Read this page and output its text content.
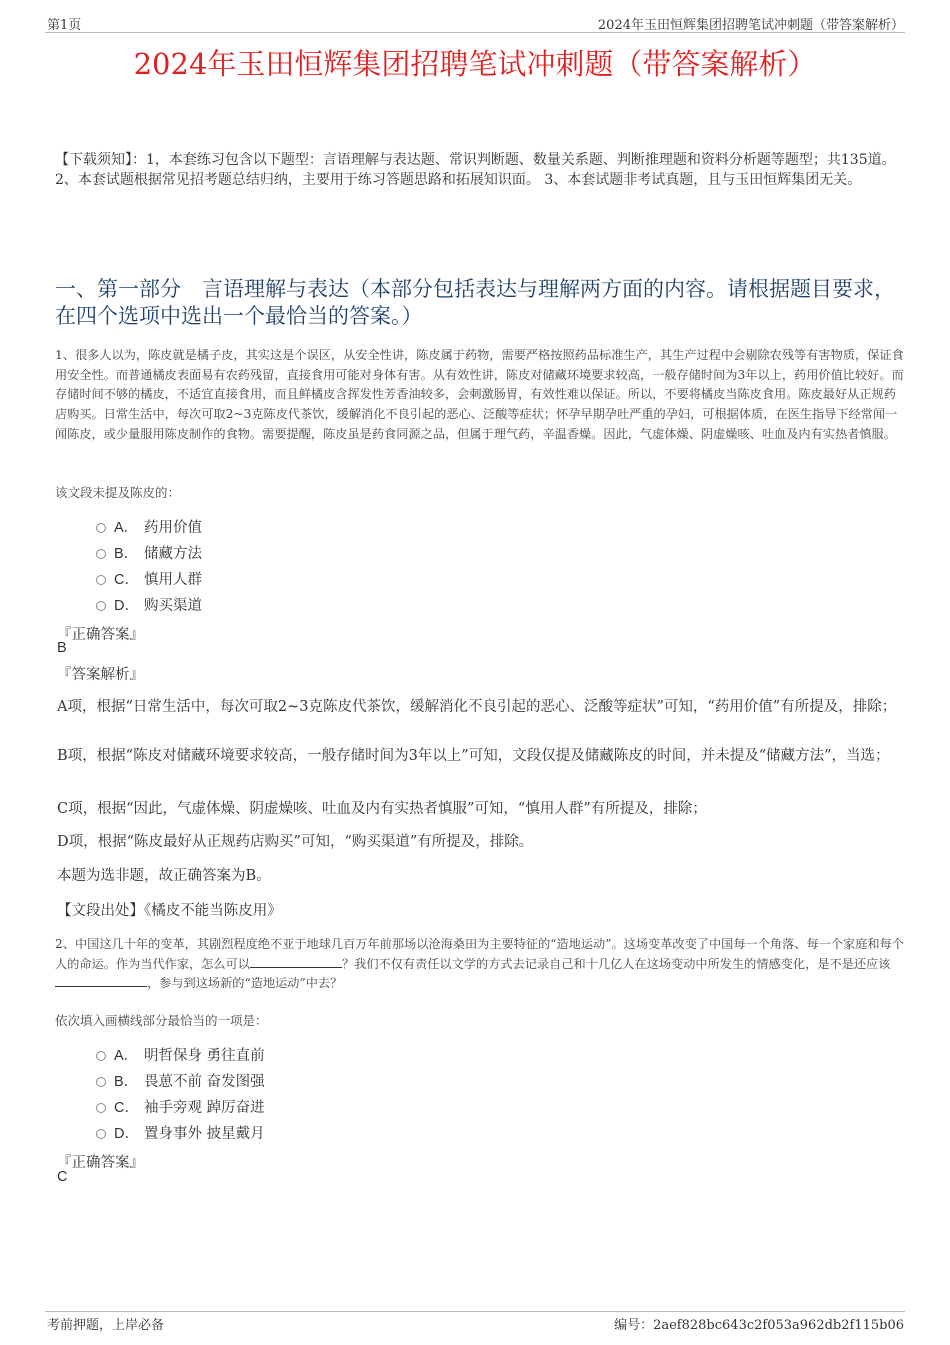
第1页	2024年玉田恒辉集团招聘笔试冲刺题（带答案解析）
2024年玉田恒辉集团招聘笔试冲刺题（带答案解析）
【下载须知】：1，本套练习包含以下题型：言语理解与表达题、常识判断题、数量关系题、判断推理题和资料分析题等题型；共135道。 2、本套试题根据常见招考题总结归纳，主要用于练习答题思路和拓展知识面。 3、本套试题非考试真题，且与玉田恒辉集团无关。
一、第一部分　言语理解与表达（本部分包括表达与理解两方面的内容。请根据题目要求，在四个选项中选出一个最恰当的答案。）
1、很多人以为，陈皮就是橘子皮，其实这是个误区，从安全性讲，陈皮属于药物，需要严格按照药品标准生产，其生产过程中会剔除农残等有害物质，保证食用安全性。而普通橘皮表面易有农药残留，直接食用可能对身体有害。从有效性讲，陈皮对储藏环境要求较高，一般存储时间为3年以上，药用价值比较好。而存储时间不够的橘皮，不适宜直接食用，而且鲜橘皮含挥发性芳香油较多，会刺激肠胃，有效性难以保证。所以，不要将橘皮当陈皮食用。陈皮最好从正规药店购买。日常生活中，每次可取2~3克陈皮代茶饮，缓解消化不良引起的恶心、泛酸等症状；怀孕早期孕吐严重的孕妇，可根据体质，在医生指导下经常闻一闻陈皮，或少量服用陈皮制作的食物。需要提醒，陈皮虽是药食同源之品，但属于理气药，辛温香燥。因此，气虚体燥、阴虚燥咳、吐血及内有实热者慎服。
该文段未提及陈皮的：
A． 药用价值
B． 储藏方法
C． 慎用人群
D． 购买渠道
『正确答案』
B
『答案解析』
A项，根据“日常生活中，每次可取2~3克陈皮代茶饮，缓解消化不良引起的恶心、泛酸等症状”可知，“药用价值”有所提及，排除；
B项，根据“陈皮对储藏环境要求较高，一般存储时间为3年以上”可知，文段仅提及储藏陈皮的时间，并未提及“储藏方法”，当选；
C项，根据“因此，气虚体燥、阴虚燥咳、吐血及内有实热者慎服”可知，“慎用人群”有所提及，排除；
D项，根据“陈皮最好从正规药店购买”可知，“购买渠道”有所提及，排除。
本题为选非题，故正确答案为B。
【文段出处】《橘皮不能当陈皮用》
2、中国这几十年的变革，其剧烈程度绝不亚于地球几百万年前那场以沧海桑田为主要特征的“造地运动”。这场变革改变了中国每一个角落、每一个家庭和每个人的命运。作为当代作家，怎么可以	？我们不仅有责任以文学的方式去记录自己和十几亿人在这场变动中所发生的情感变化，是不是还应该，参与到这场新的“造地运动”中去？
依次填入画横线部分最恰当的一项是：
A． 明哲保身 勇往直前
B． 畏葸不前 奋发图强
C． 袖手旁观 踔厉奋进
D． 置身事外 披星戴月
『正确答案』
C
考前押题，上岸必备	编号：2aef828bc643c2f053a962db2f115b06
